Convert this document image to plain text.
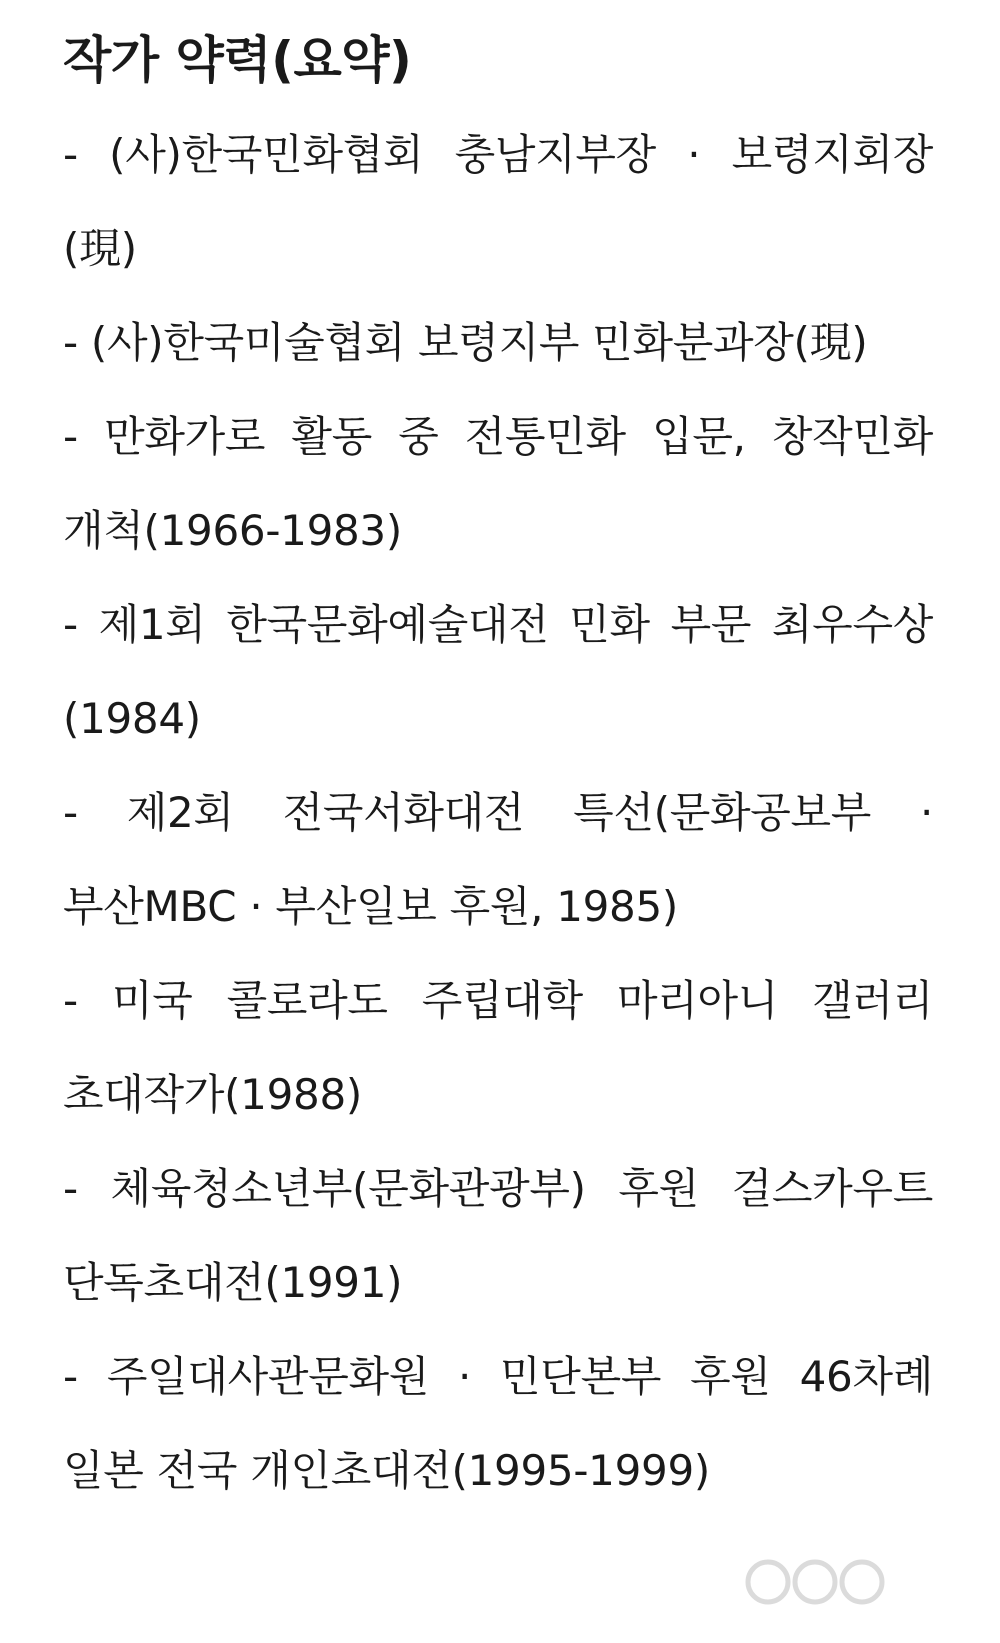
작가 약력(요약)

- (사)한국민화협회 충남지부장 · 보령지회장(現)

- (사)한국미술협회 보령지부 민화분과장(現)

- 만화가로 활동 중 전통민화 입문, 창작민화 개척(1966-1983)

- 제1회 한국문화예술대전 민화 부문 최우수상(1984)

- 제2회 전국서화대전 특선(문화공보부 · 부산MBC · 부산일보 후원, 1985)

- 미국 콜로라도 주립대학 마리아니 갤러리 초대작가(1988)

- 체육청소년부(문화관광부) 후원 걸스카우트 단독초대전(1991)

- 주일대사관문화원 · 민단본부 후원 46차례 일본 전국 개인초대전(1995-1999)
